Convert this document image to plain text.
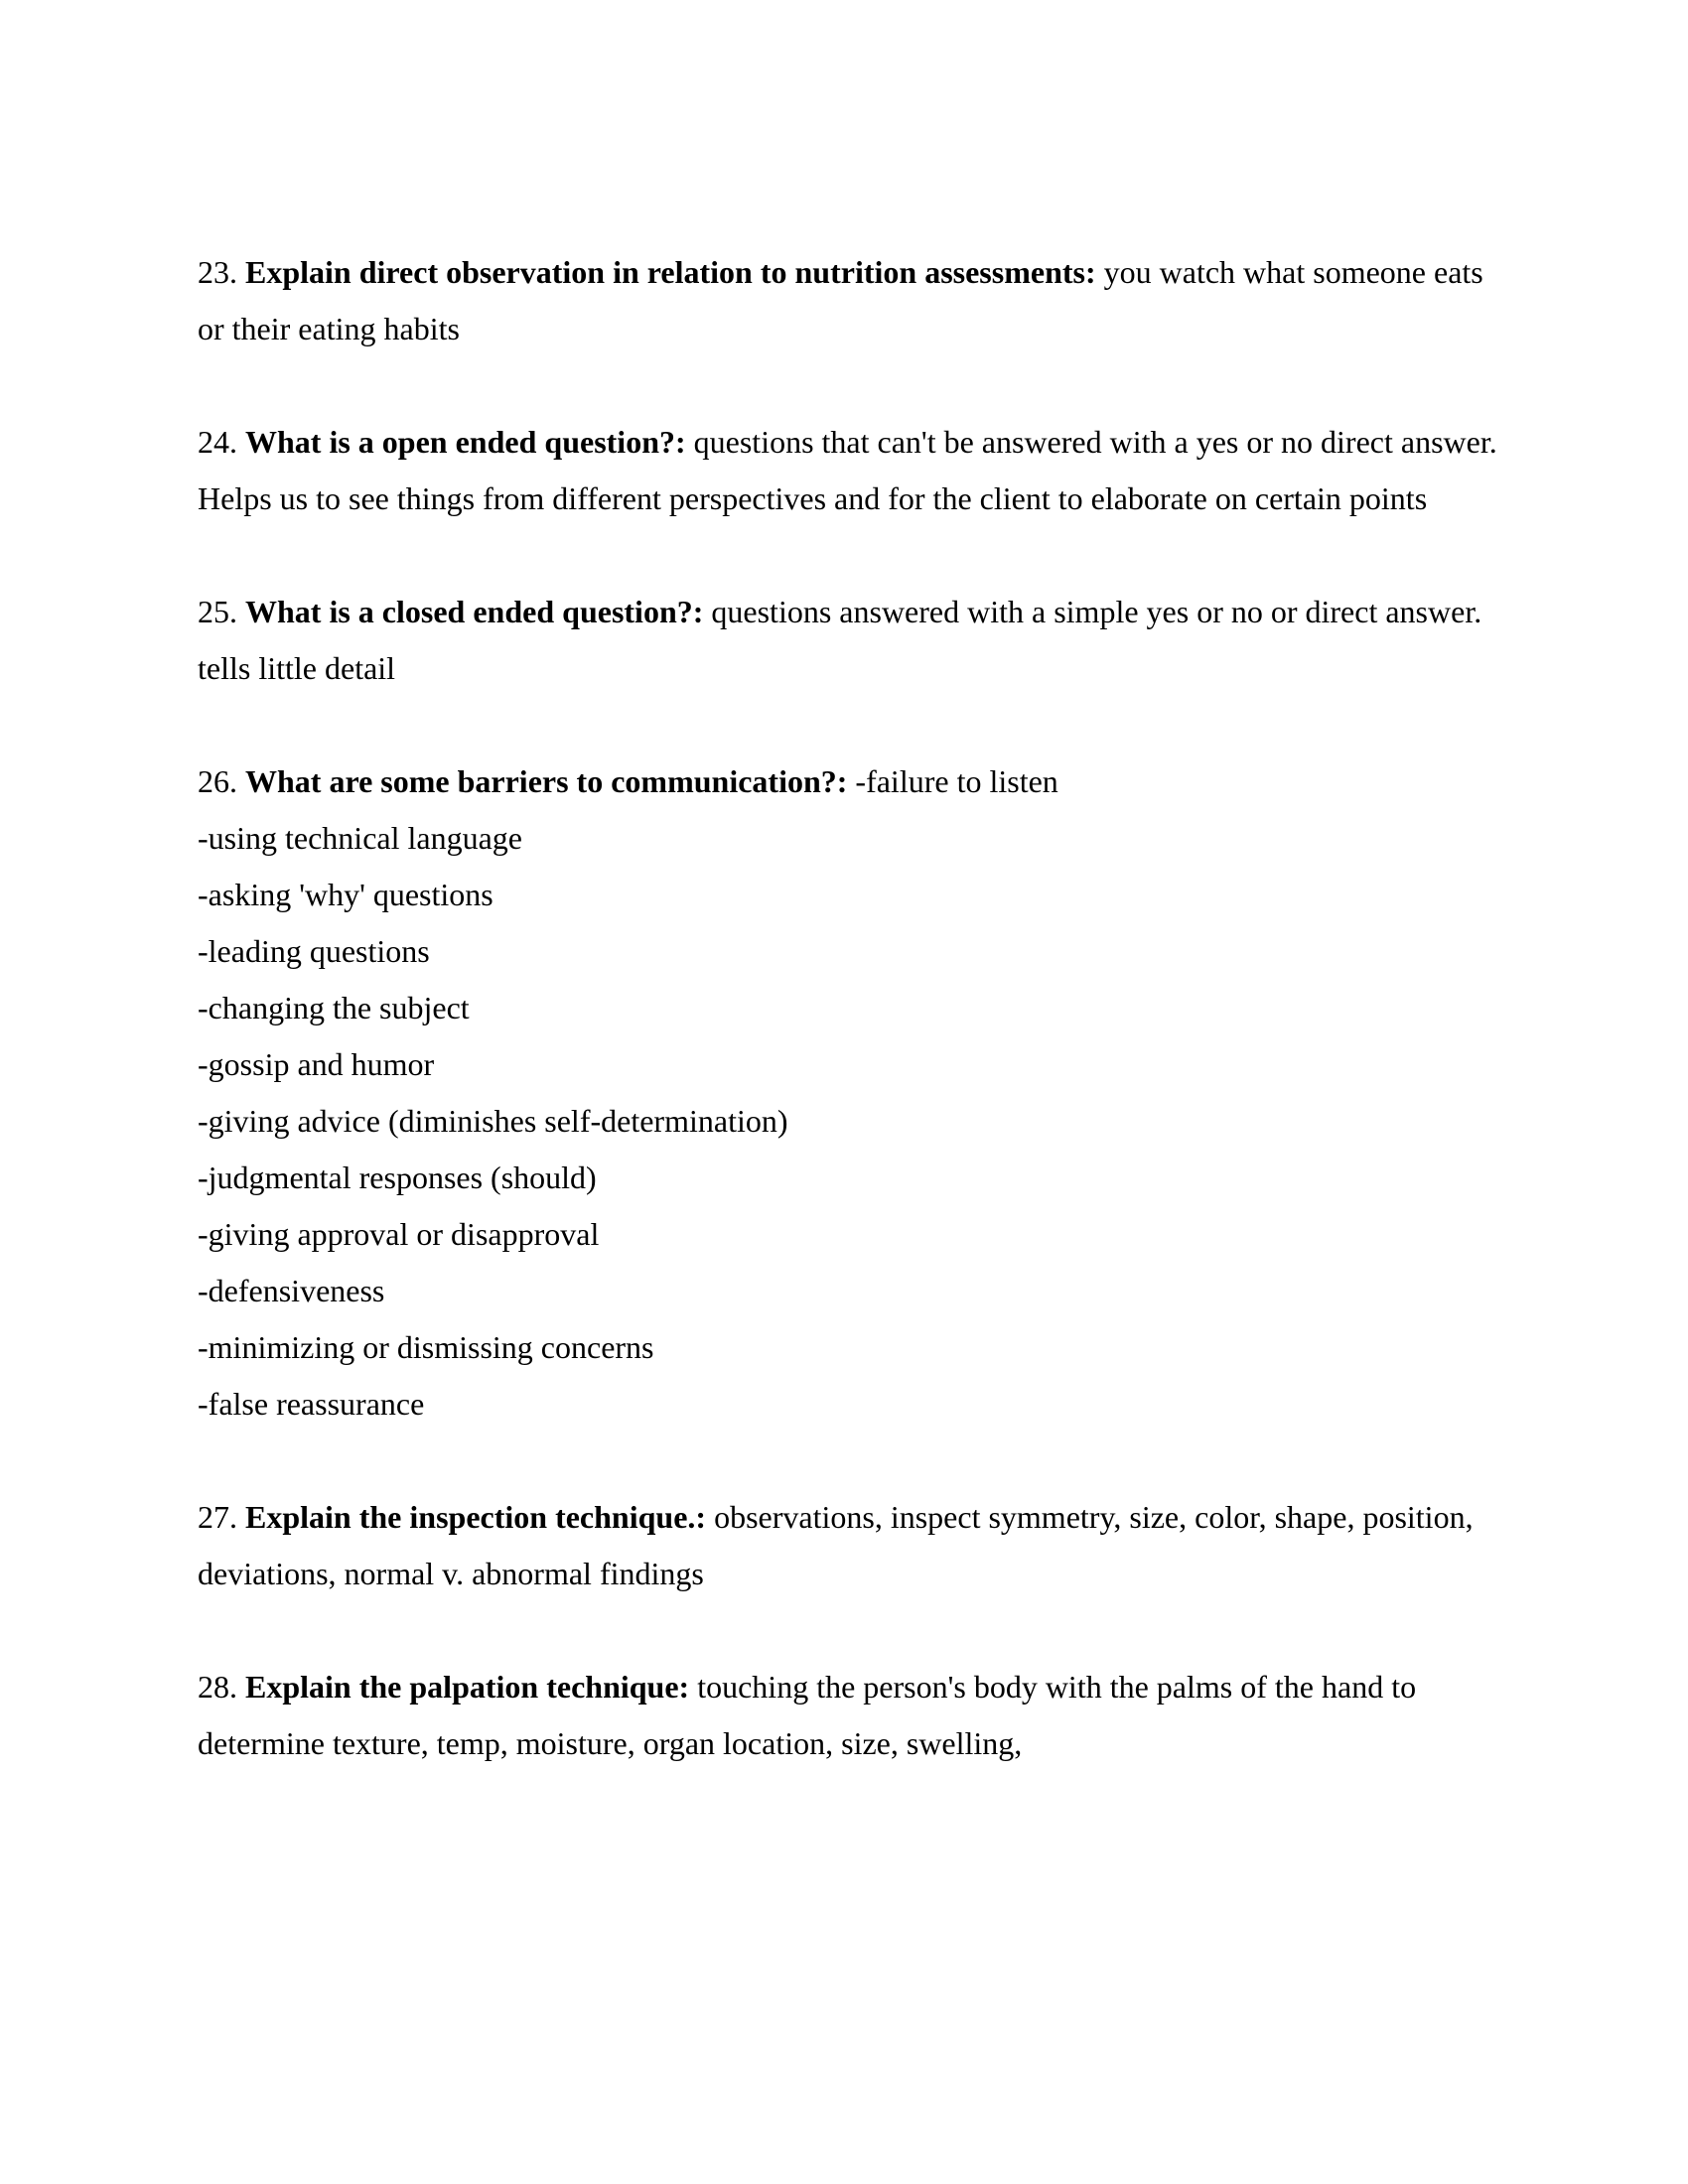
23. Explain direct observation in relation to nutrition assessments: you watch what someone eats or their eating habits

24. What is a open ended question?: questions that can't be answered with a yes or no direct answer. Helps us to see things from different perspectives and for the client to elaborate on certain points

25. What is a closed ended question?: questions answered with a simple yes or no or direct answer. tells little detail

26. What are some barriers to communication?: -failure to listen

-using technical language
-asking 'why' questions
-leading questions
-changing the subject
-gossip and humor
-giving advice (diminishes self-determination)
-judgmental responses (should)
-giving approval or disapproval
-defensiveness
-minimizing or dismissing concerns
-false reassurance

27. Explain the inspection technique.: observations, inspect symmetry, size, color, shape, position, deviations, normal v. abnormal findings

28. Explain the palpation technique: touching the person's body with the palms of the hand to determine texture, temp, moisture, organ location, size, swelling,
